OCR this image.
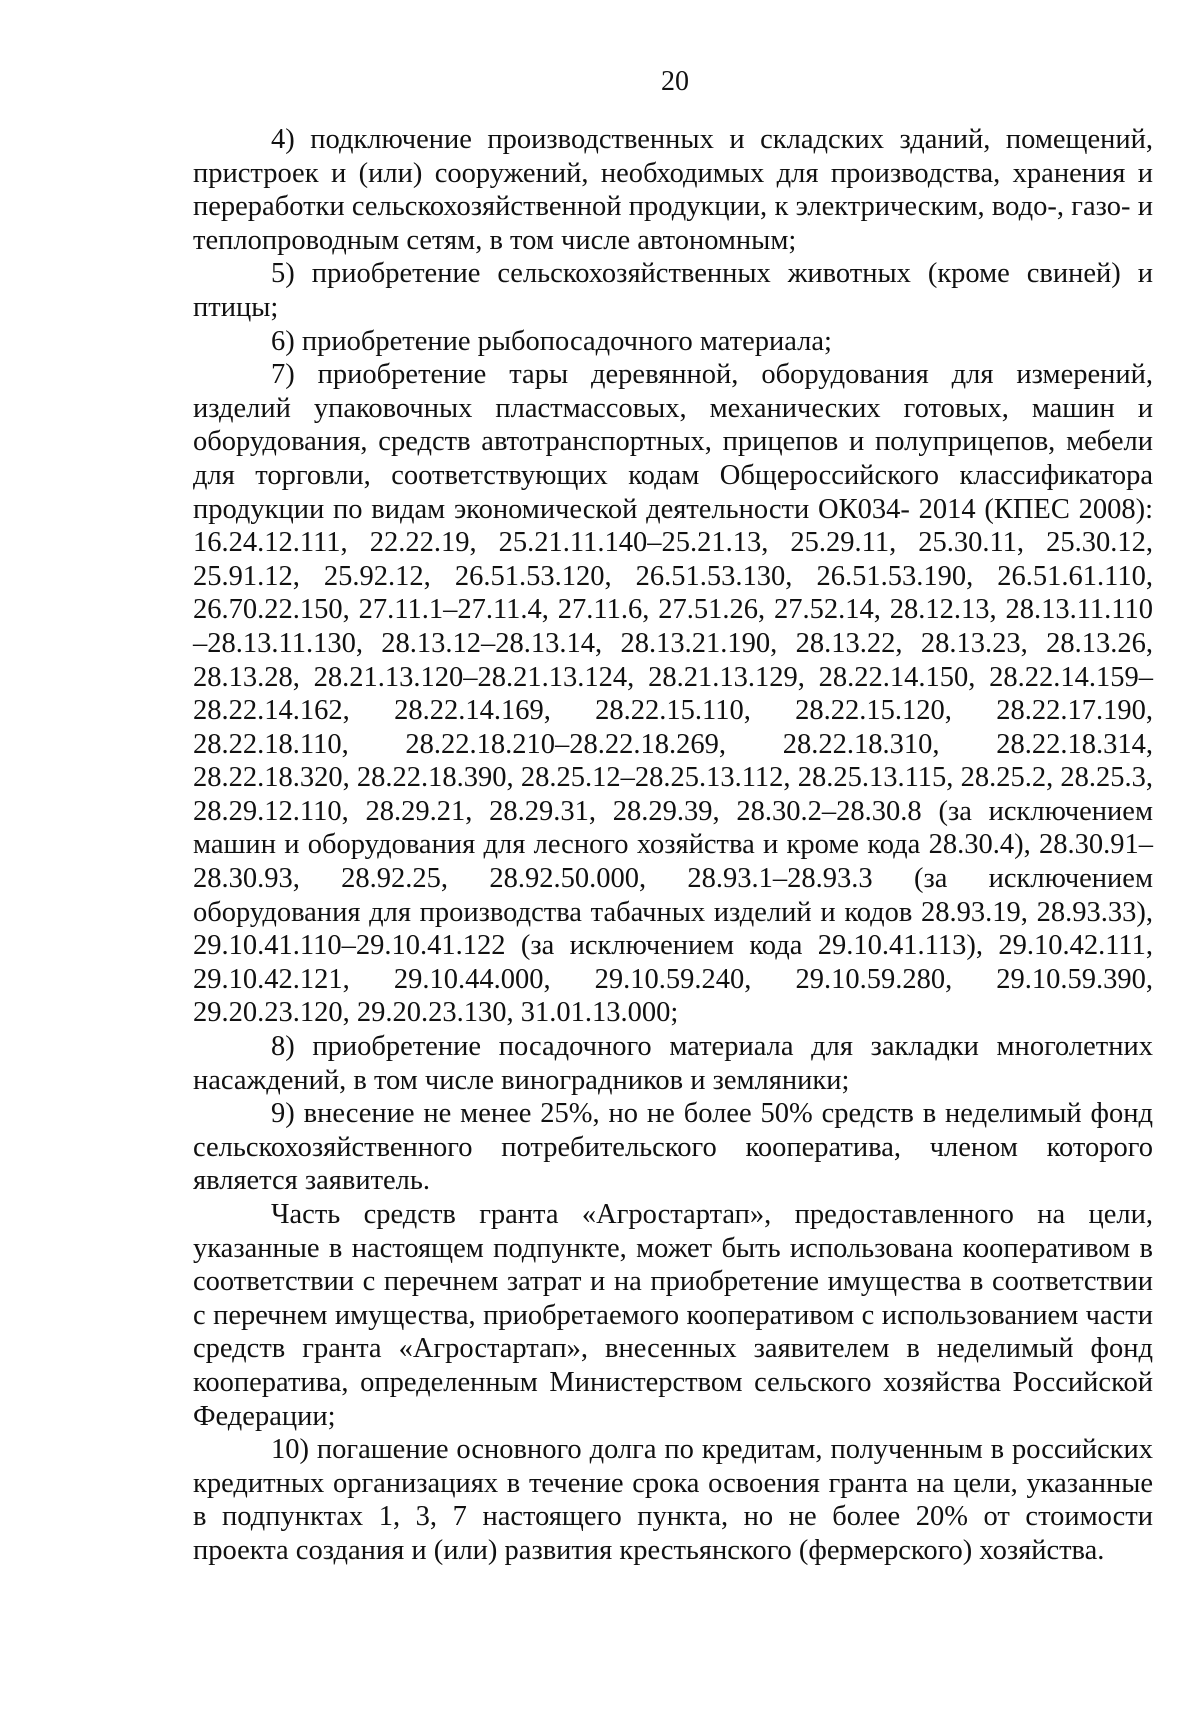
20

4) подключение производственных и складских зданий, помещений, пристроек и (или) сооружений, необходимых для производства, хранения и переработки сельскохозяйственной продукции, к электрическим, водо-, газо- и теплопроводным сетям, в том числе автономным;

5) приобретение сельскохозяйственных животных (кроме свиней) и птицы;

6) приобретение рыбопосадочного материала;

7) приобретение тары деревянной, оборудования для измерений, изделий упаковочных пластмассовых, механических готовых, машин и оборудования, средств автотранспортных, прицепов и полуприцепов, мебели для торговли, соответствующих кодам Общероссийского классификатора продукции по видам экономической деятельности ОК034- 2014 (КПЕС 2008): 16.24.12.111, 22.22.19, 25.21.11.140–25.21.13, 25.29.11, 25.30.11, 25.30.12, 25.91.12, 25.92.12, 26.51.53.120, 26.51.53.130, 26.51.53.190, 26.51.61.110, 26.70.22.150, 27.11.1–27.11.4, 27.11.6, 27.51.26, 27.52.14, 28.12.13, 28.13.11.110 –28.13.11.130, 28.13.12–28.13.14, 28.13.21.190, 28.13.22, 28.13.23, 28.13.26, 28.13.28, 28.21.13.120–28.21.13.124, 28.21.13.129, 28.22.14.150, 28.22.14.159–28.22.14.162, 28.22.14.169, 28.22.15.110, 28.22.15.120, 28.22.17.190, 28.22.18.110, 28.22.18.210–28.22.18.269, 28.22.18.310, 28.22.18.314, 28.22.18.320, 28.22.18.390, 28.25.12–28.25.13.112, 28.25.13.115, 28.25.2, 28.25.3, 28.29.12.110, 28.29.21, 28.29.31, 28.29.39, 28.30.2–28.30.8 (за исключением машин и оборудования для лесного хозяйства и кроме кода 28.30.4), 28.30.91–28.30.93, 28.92.25, 28.92.50.000, 28.93.1–28.93.3 (за исключением оборудования для производства табачных изделий и кодов 28.93.19, 28.93.33), 29.10.41.110–29.10.41.122 (за исключением кода 29.10.41.113), 29.10.42.111, 29.10.42.121, 29.10.44.000, 29.10.59.240, 29.10.59.280, 29.10.59.390, 29.20.23.120, 29.20.23.130, 31.01.13.000;

8) приобретение посадочного материала для закладки многолетних насаждений, в том числе виноградников и земляники;

9) внесение не менее 25%, но не более 50% средств в неделимый фонд сельскохозяйственного потребительского кооператива, членом которого является заявитель.

Часть средств гранта «Агростартап», предоставленного на цели, указанные в настоящем подпункте, может быть использована кооперативом в соответствии с перечнем затрат и на приобретение имущества в соответствии с перечнем имущества, приобретаемого кооперативом с использованием части средств гранта «Агростартап», внесенных заявителем в неделимый фонд кооператива, определенным Министерством сельского хозяйства Российской Федерации;

10) погашение основного долга по кредитам, полученным в российских кредитных организациях в течение срока освоения гранта на цели, указанные в подпунктах 1, 3, 7 настоящего пункта, но не более 20% от стоимости проекта создания и (или) развития крестьянского (фермерского) хозяйства.
